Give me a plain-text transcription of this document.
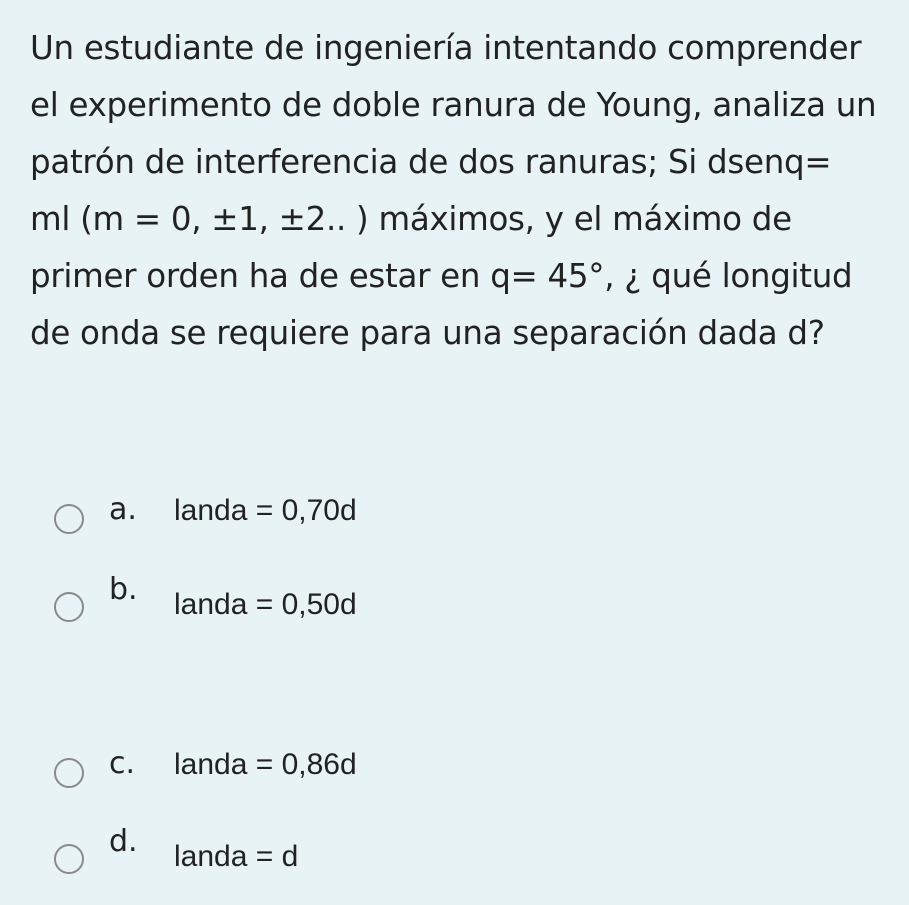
Un estudiante de ingeniería intentando comprender
el experimento de doble ranura de Young, analiza un
patrón de interferencia de dos ranuras; Si dsenq=
ml (m = 0, ±1, ±2.. ) máximos, y el máximo de
primer orden ha de estar en q= 45°, ¿ qué longitud
de onda se requiere para una separación dada d?
a. landa = 0,70d
b. landa = 0,50d
c. landa = 0,86d
d. landa = d
